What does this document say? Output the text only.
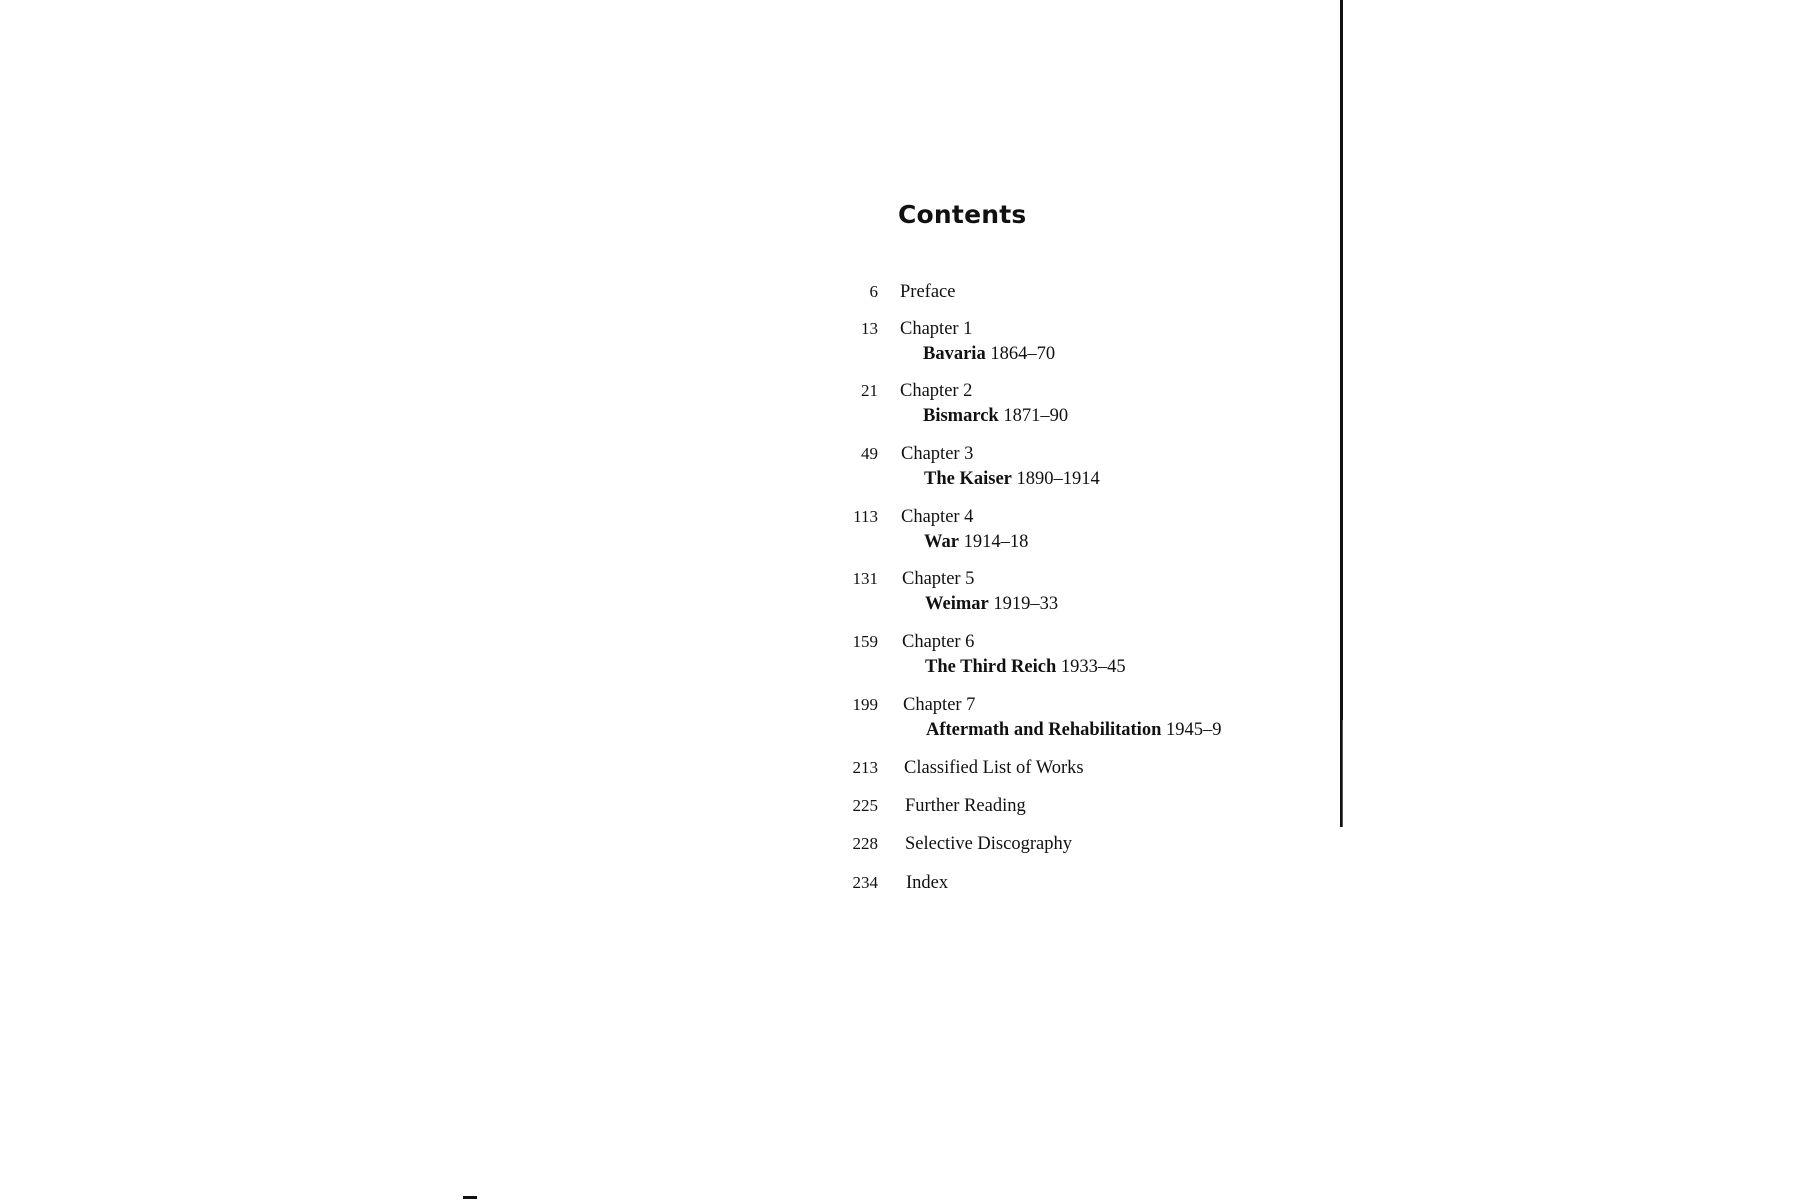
Contents
6 Preface
13 Chapter 1
Bavaria 1864–70
21 Chapter 2
Bismarck 1871–90
49 Chapter 3
The Kaiser 1890–1914
113 Chapter 4
War 1914–18
131 Chapter 5
Weimar 1919–33
159 Chapter 6
The Third Reich 1933–45
199 Chapter 7
Aftermath and Rehabilitation 1945–9
213 Classified List of Works
225 Further Reading
228 Selective Discography
234 Index
